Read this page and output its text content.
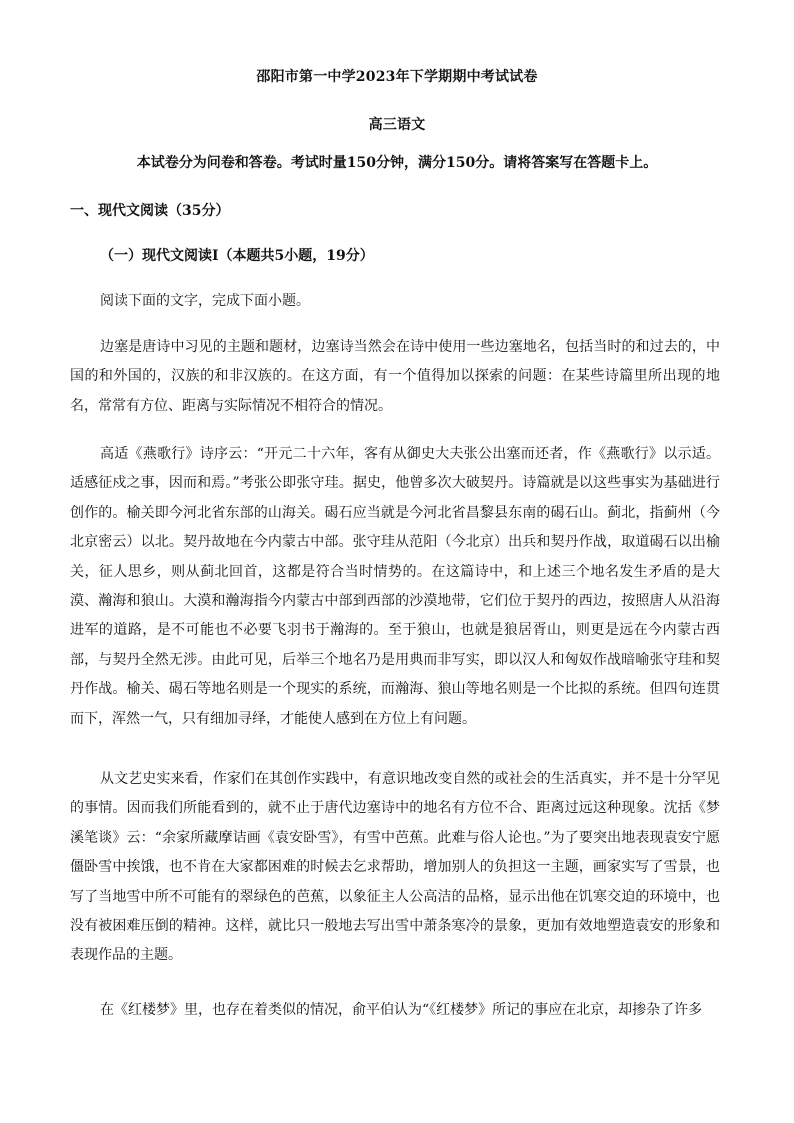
邵阳市第一中学2023年下学期期中考试试卷
高三语文
本试卷分为问卷和答卷。考试时量150分钟，满分150分。请将答案写在答题卡上。
一、现代文阅读（35分）
（一）现代文阅读Ⅰ（本题共5小题，19分）

阅读下面的文字，完成下面小题。

边塞是唐诗中习见的主题和题材，边塞诗当然会在诗中使用一些边塞地名，包括当时的和过去的，中国的和外国的，汉族的和非汉族的。在这方面，有一个值得加以探索的问题：在某些诗篇里所出现的地名，常常有方位、距离与实际情况不相符合的情况。

高适《燕歌行》诗序云：“开元二十六年，客有从御史大夫张公出塞而还者，作《燕歌行》以示适。适感征戍之事，因而和焉。”考张公即张守珪。据史，他曾多次大破契丹。诗篇就是以这些事实为基础进行创作的。榆关即今河北省东部的山海关。碣石应当就是今河北省昌黎县东南的碣石山。蓟北，指蓟州（今北京密云）以北。契丹故地在今内蒙古中部。张守珪从范阳（今北京）出兵和契丹作战，取道碣石以出榆关，征人思乡，则从蓟北回首，这都是符合当时情势的。在这篇诗中，和上述三个地名发生矛盾的是大漠、瀚海和狼山。大漠和瀚海指今内蒙古中部到西部的沙漠地带，它们位于契丹的西边，按照唐人从沿海进军的道路，是不可能也不必要飞羽书于瀚海的。至于狼山，也就是狼居胥山，则更是远在今内蒙古西部，与契丹全然无涉。由此可见，后举三个地名乃是用典而非写实，即以汉人和匈奴作战暗喻张守珪和契丹作战。榆关、碣石等地名则是一个现实的系统，而瀚海、狼山等地名则是一个比拟的系统。但四句连贯而下，浑然一气，只有细加寻绎，才能使人感到在方位上有问题。

从文艺史实来看，作家们在其创作实践中，有意识地改变自然的或社会的生活真实，并不是十分罕见的事情。因而我们所能看到的，就不止于唐代边塞诗中的地名有方位不合、距离过远这种现象。沈括《梦溪笔谈》云：“余家所藏摩诘画《袁安卧雪》，有雪中芭蕉。此难与俗人论也。”为了要突出地表现袁安宁愿僵卧雪中挨饿，也不肯在大家都困难的时候去乞求帮助，增加别人的负担这一主题，画家实写了雪景，也写了当地雪中所不可能有的翠绿色的芭蕉，以象征主人公高洁的品格，显示出他在饥寒交迫的环境中，也没有被困难压倒的精神。这样，就比只一般地去写出雪中萧条寒冷的景象，更加有效地塑造袁安的形象和表现作品的主题。

在《红楼梦》里，也存在着类似的情况，俞平伯认为“《红楼梦》所记的事应在北京，却掺杂了许多
